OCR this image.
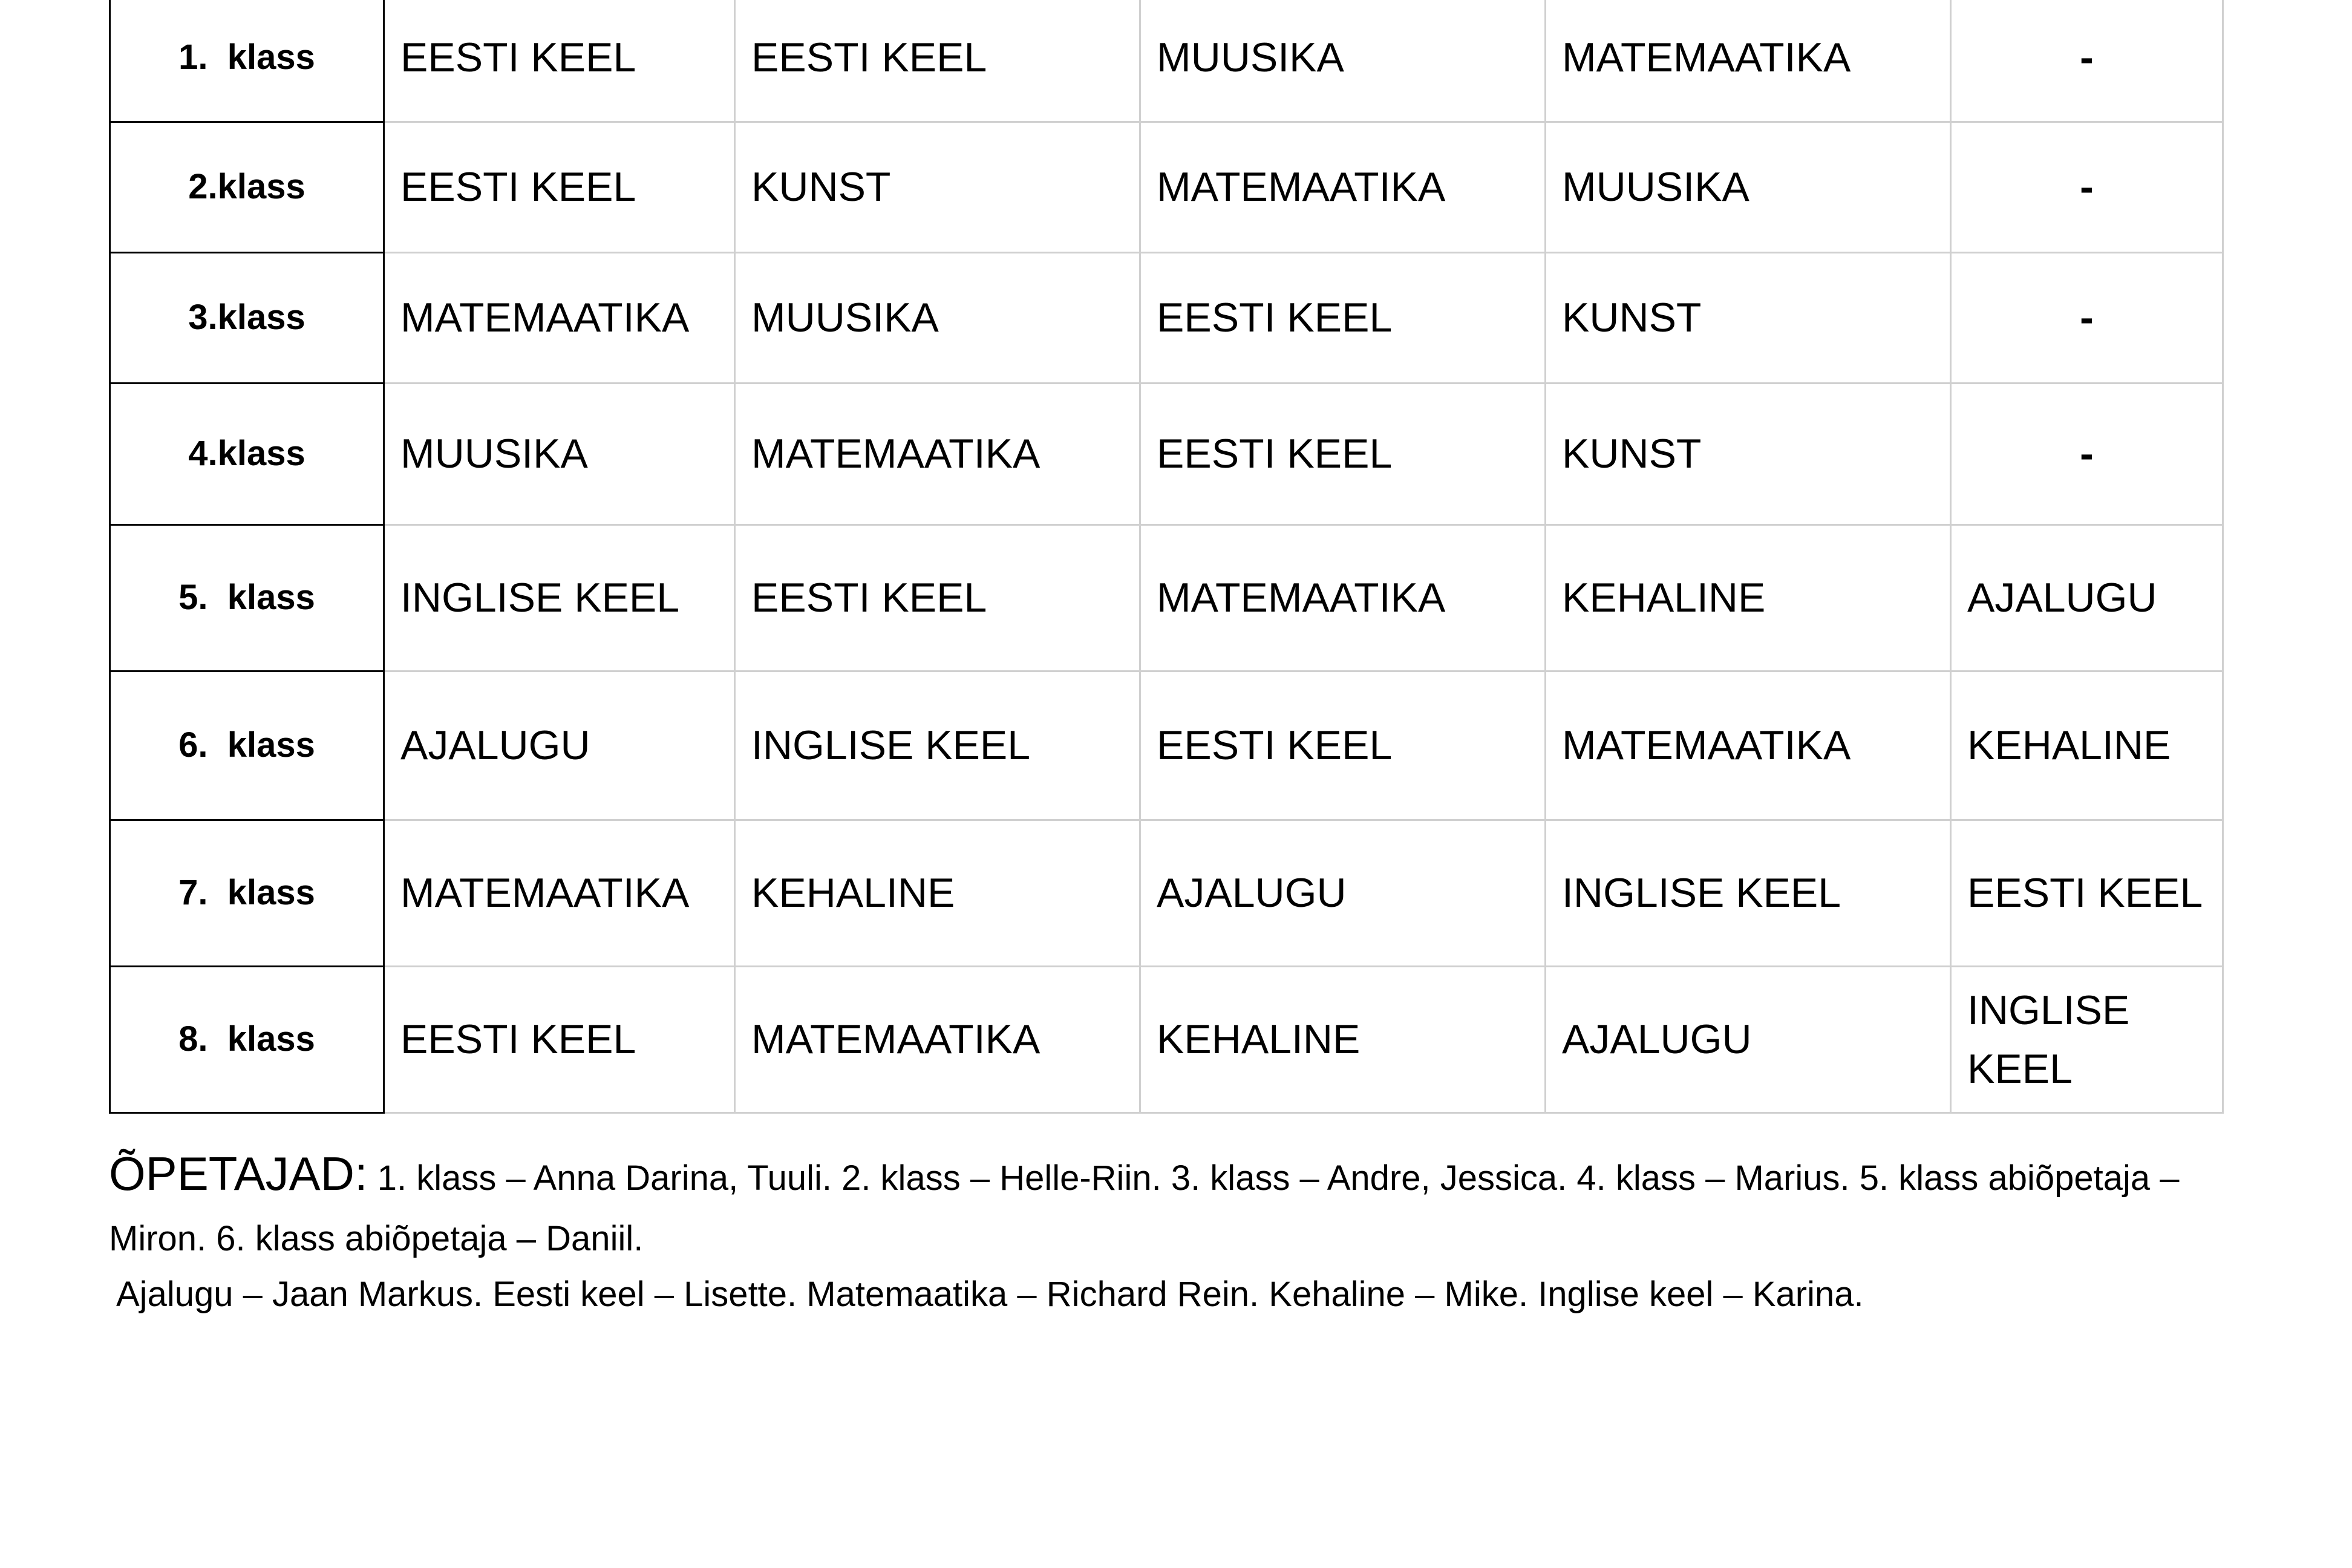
1.  klass	EESTI KEEL	EESTI KEEL	MUUSIKA	MATEMAATIKA	-
2.klass	EESTI KEEL	KUNST	MATEMAATIKA	MUUSIKA	-
3.klass	MATEMAATIKA	MUUSIKA	EESTI KEEL	KUNST	-
4.klass	MUUSIKA	MATEMAATIKA	EESTI KEEL	KUNST	-
5.  klass	INGLISE KEEL	EESTI KEEL	MATEMAATIKA	KEHALINE	AJALUGU
6.  klass	AJALUGU	INGLISE KEEL	EESTI KEEL	MATEMAATIKA	KEHALINE
7.  klass	MATEMAATIKA	KEHALINE	AJALUGU	INGLISE KEEL	EESTI KEEL
8.  klass	EESTI KEEL	MATEMAATIKA	KEHALINE	AJALUGU	INGLISE KEEL
ÕPETAJAD: 1. klass – Anna Darina, Tuuli. 2. klass – Helle-Riin. 3. klass – Andre, Jessica. 4. klass – Marius. 5. klass abiõpetaja – Miron. 6. klass abiõpetaja – Daniil.
Ajalugu – Jaan Markus. Eesti keel – Lisette. Matemaatika – Richard Rein. Kehaline – Mike. Inglise keel – Karina.
